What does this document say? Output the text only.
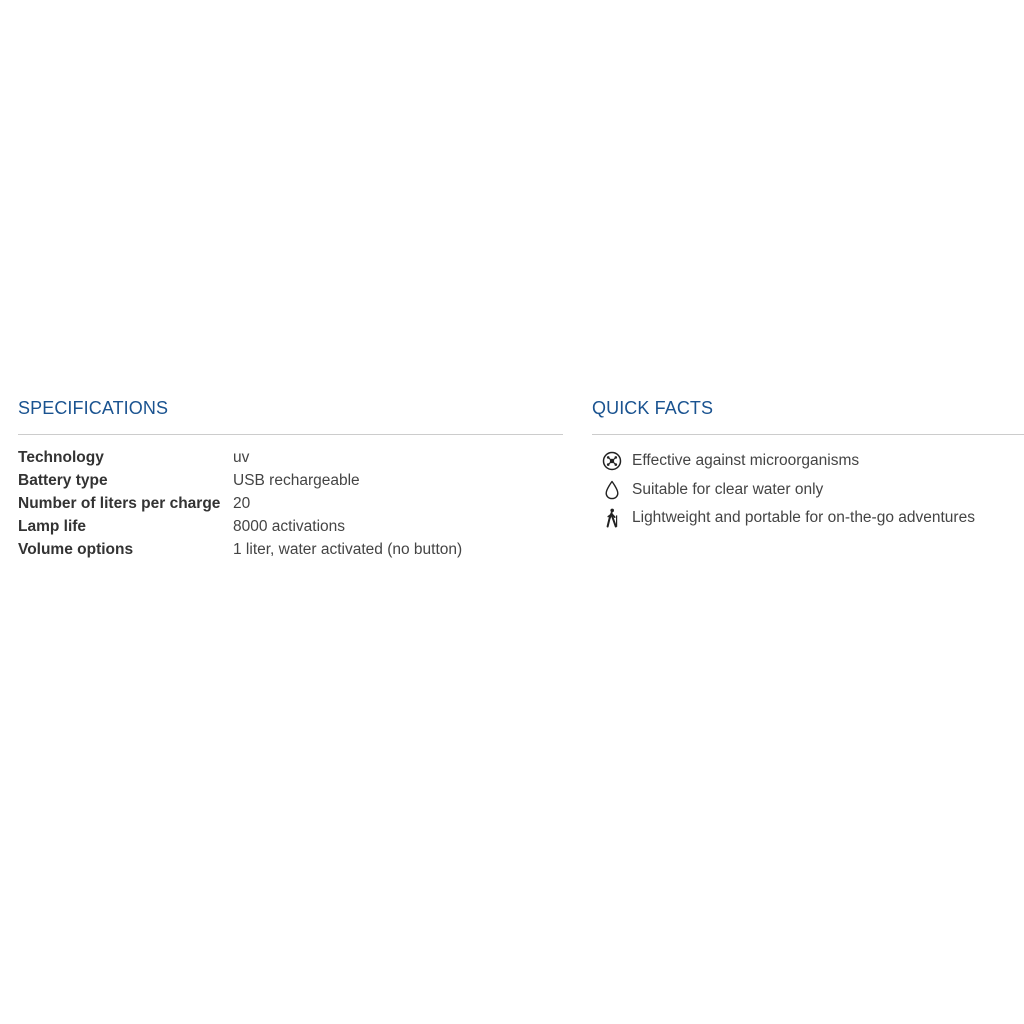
SPECIFICATIONS
Technology	uv
Battery type	USB rechargeable
Number of liters per charge	20
Lamp life	8000 activations
Volume options	1 liter, water activated (no button)
QUICK FACTS
Effective against microorganisms
Suitable for clear water only
Lightweight and portable for on-the-go adventures
